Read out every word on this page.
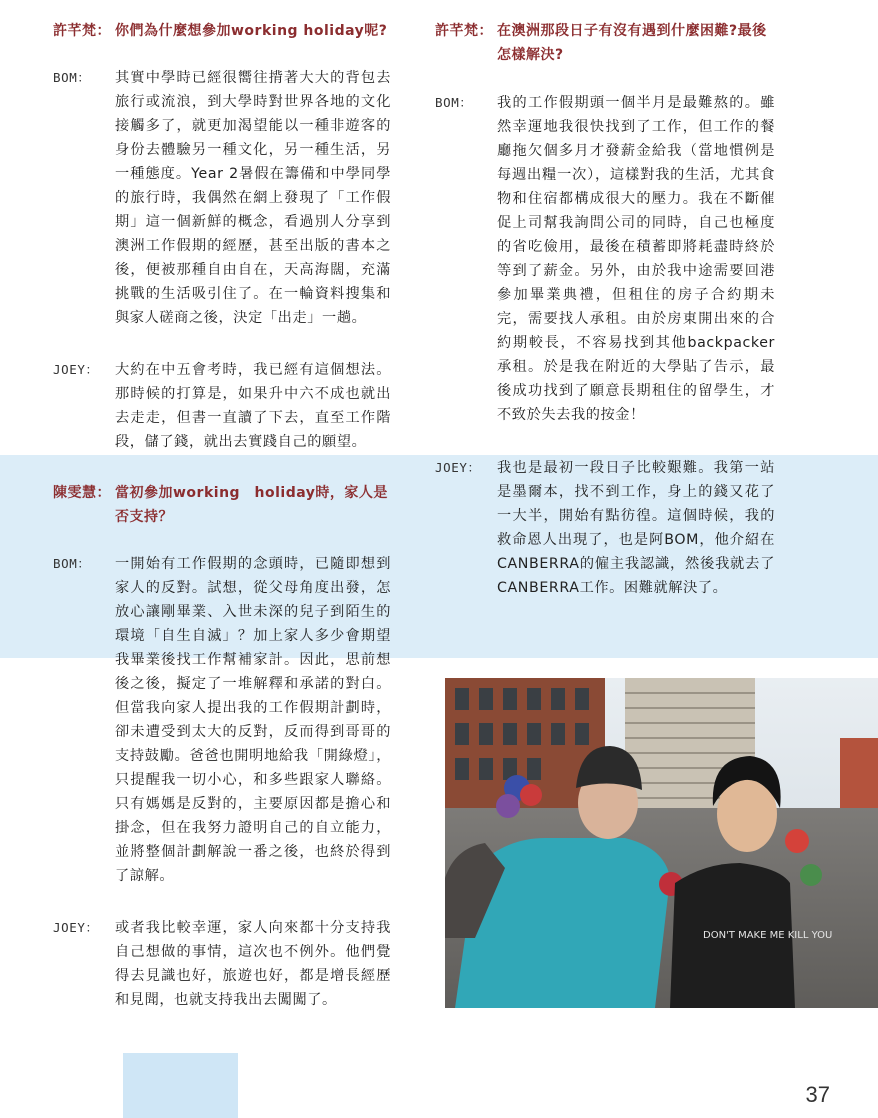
許芊梵： 你們為什麼想參加working holiday呢?
BOM： 其實中學時已經很嚮往揹著大大的背包去旅行或流浪，到大學時對世界各地的文化接觸多了，就更加渴望能以一種非遊客的身份去體驗另一種文化，另一種生活，另一種態度。Year 2暑假在籌備和中學同學的旅行時，我偶然在網上發現了「工作假期」這一個新鮮的概念，看過別人分享到澳洲工作假期的經歷，甚至出版的書本之後，便被那種自由自在，天高海闊，充滿挑戰的生活吸引住了。在一輪資料搜集和與家人磋商之後，決定「出走」一趟。
JOEY： 大約在中五會考時，我已經有這個想法。那時候的打算是，如果升中六不成也就出去走走，但書一直讀了下去，直至工作階段，儲了錢，就出去實踐自己的願望。
陳雯慧： 當初參加working　holiday時，家人是否支持？
BOM： 一開始有工作假期的念頭時，已隨即想到家人的反對。試想，從父母角度出發，怎放心讓剛畢業、入世未深的兒子到陌生的環境「自生自滅」？加上家人多少會期望我畢業後找工作幫補家計。因此，思前想後之後，擬定了一堆解釋和承諾的對白。但當我向家人提出我的工作假期計劃時，卻未遭受到太大的反對，反而得到哥哥的支持鼓勵。爸爸也開明地給我「開綠燈」，只提醒我一切小心，和多些跟家人聯絡。只有媽媽是反對的，主要原因都是擔心和掛念，但在我努力證明自己的自立能力，並將整個計劃解說一番之後，也終於得到了諒解。
JOEY： 或者我比較幸運，家人向來都十分支持我自己想做的事情，這次也不例外。他們覺得去見識也好，旅遊也好，都是增長經歷和見聞，也就支持我出去闖闖了。
許芊梵： 在澳洲那段日子有沒有遇到什麼困難?最後怎樣解決?
BOM： 我的工作假期頭一個半月是最難熬的。雖然幸運地我很快找到了工作，但工作的餐廳拖欠個多月才發薪金給我（當地慣例是每週出糧一次），這樣對我的生活，尤其食物和住宿都構成很大的壓力。我在不斷催促上司幫我詢問公司的同時，自己也極度的省吃儉用，最後在積蓄即將耗盡時終於等到了薪金。另外，由於我中途需要回港參加畢業典禮，但租住的房子合約期未完，需要找人承租。由於房東開出來的合約期較長，不容易找到其他backpacker承租。於是我在附近的大學貼了告示，最後成功找到了願意長期租住的留學生，才不致於失去我的按金！
JOEY： 我也是最初一段日子比較艱難。我第一站是墨爾本，找不到工作，身上的錢又花了一大半，開始有點彷徨。這個時候，我的救命恩人出現了，也是阿BOM，他介紹在CANBERRA的僱主我認識，然後我就去了CANBERRA工作。困難就解決了。
DON'T MAKE ME KILL YOU
37
